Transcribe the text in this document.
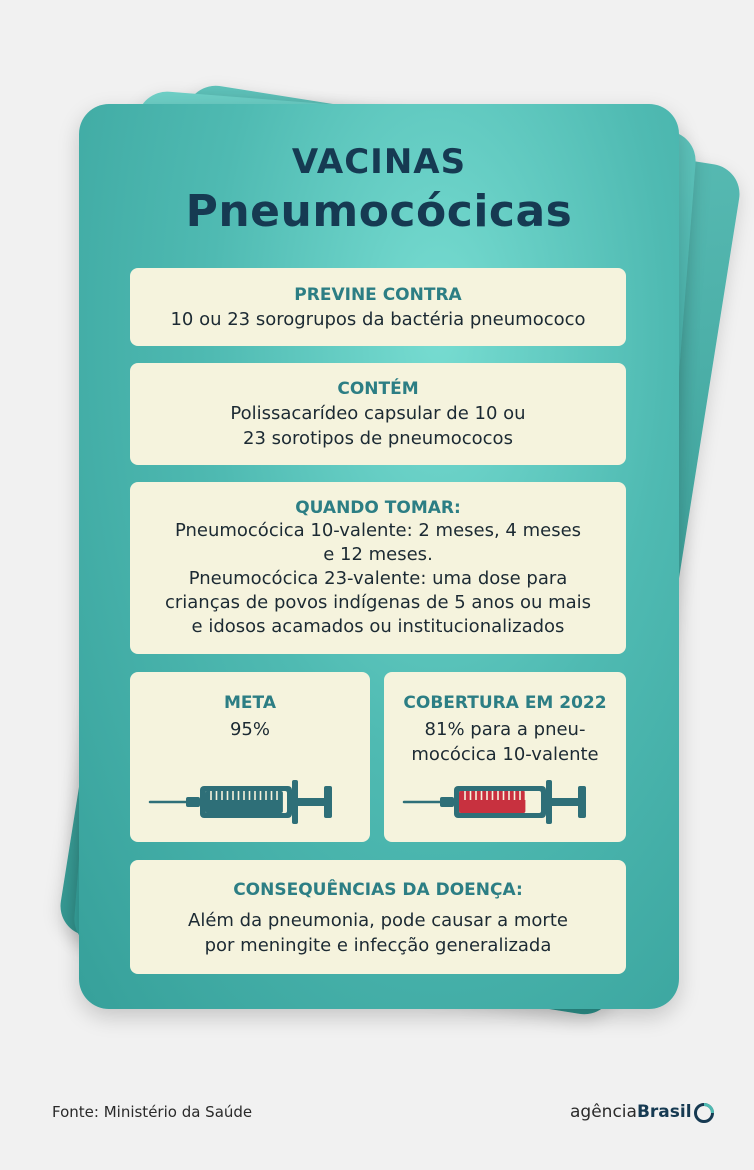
VACINAS
Pneumocócicas
PREVINE CONTRA
10 ou 23 sorogrupos da bactéria pneumococo
CONTÉM
Polissacarídeo capsular de 10 ou
23 sorotipos de pneumococos
QUANDO TOMAR:
Pneumocócica 10-valente: 2 meses, 4 meses
e 12 meses.
Pneumocócica 23-valente: uma dose para
crianças de povos indígenas de 5 anos ou mais
e idosos acamados ou institucionalizados
META
95%
COBERTURA EM 2022
81% para a pneu-
mocócica 10-valente
CONSEQUÊNCIAS DA DOENÇA:
Além da pneumonia, pode causar a morte
por meningite e infecção generalizada
Fonte: Ministério da Saúde	agênciaBrasil
